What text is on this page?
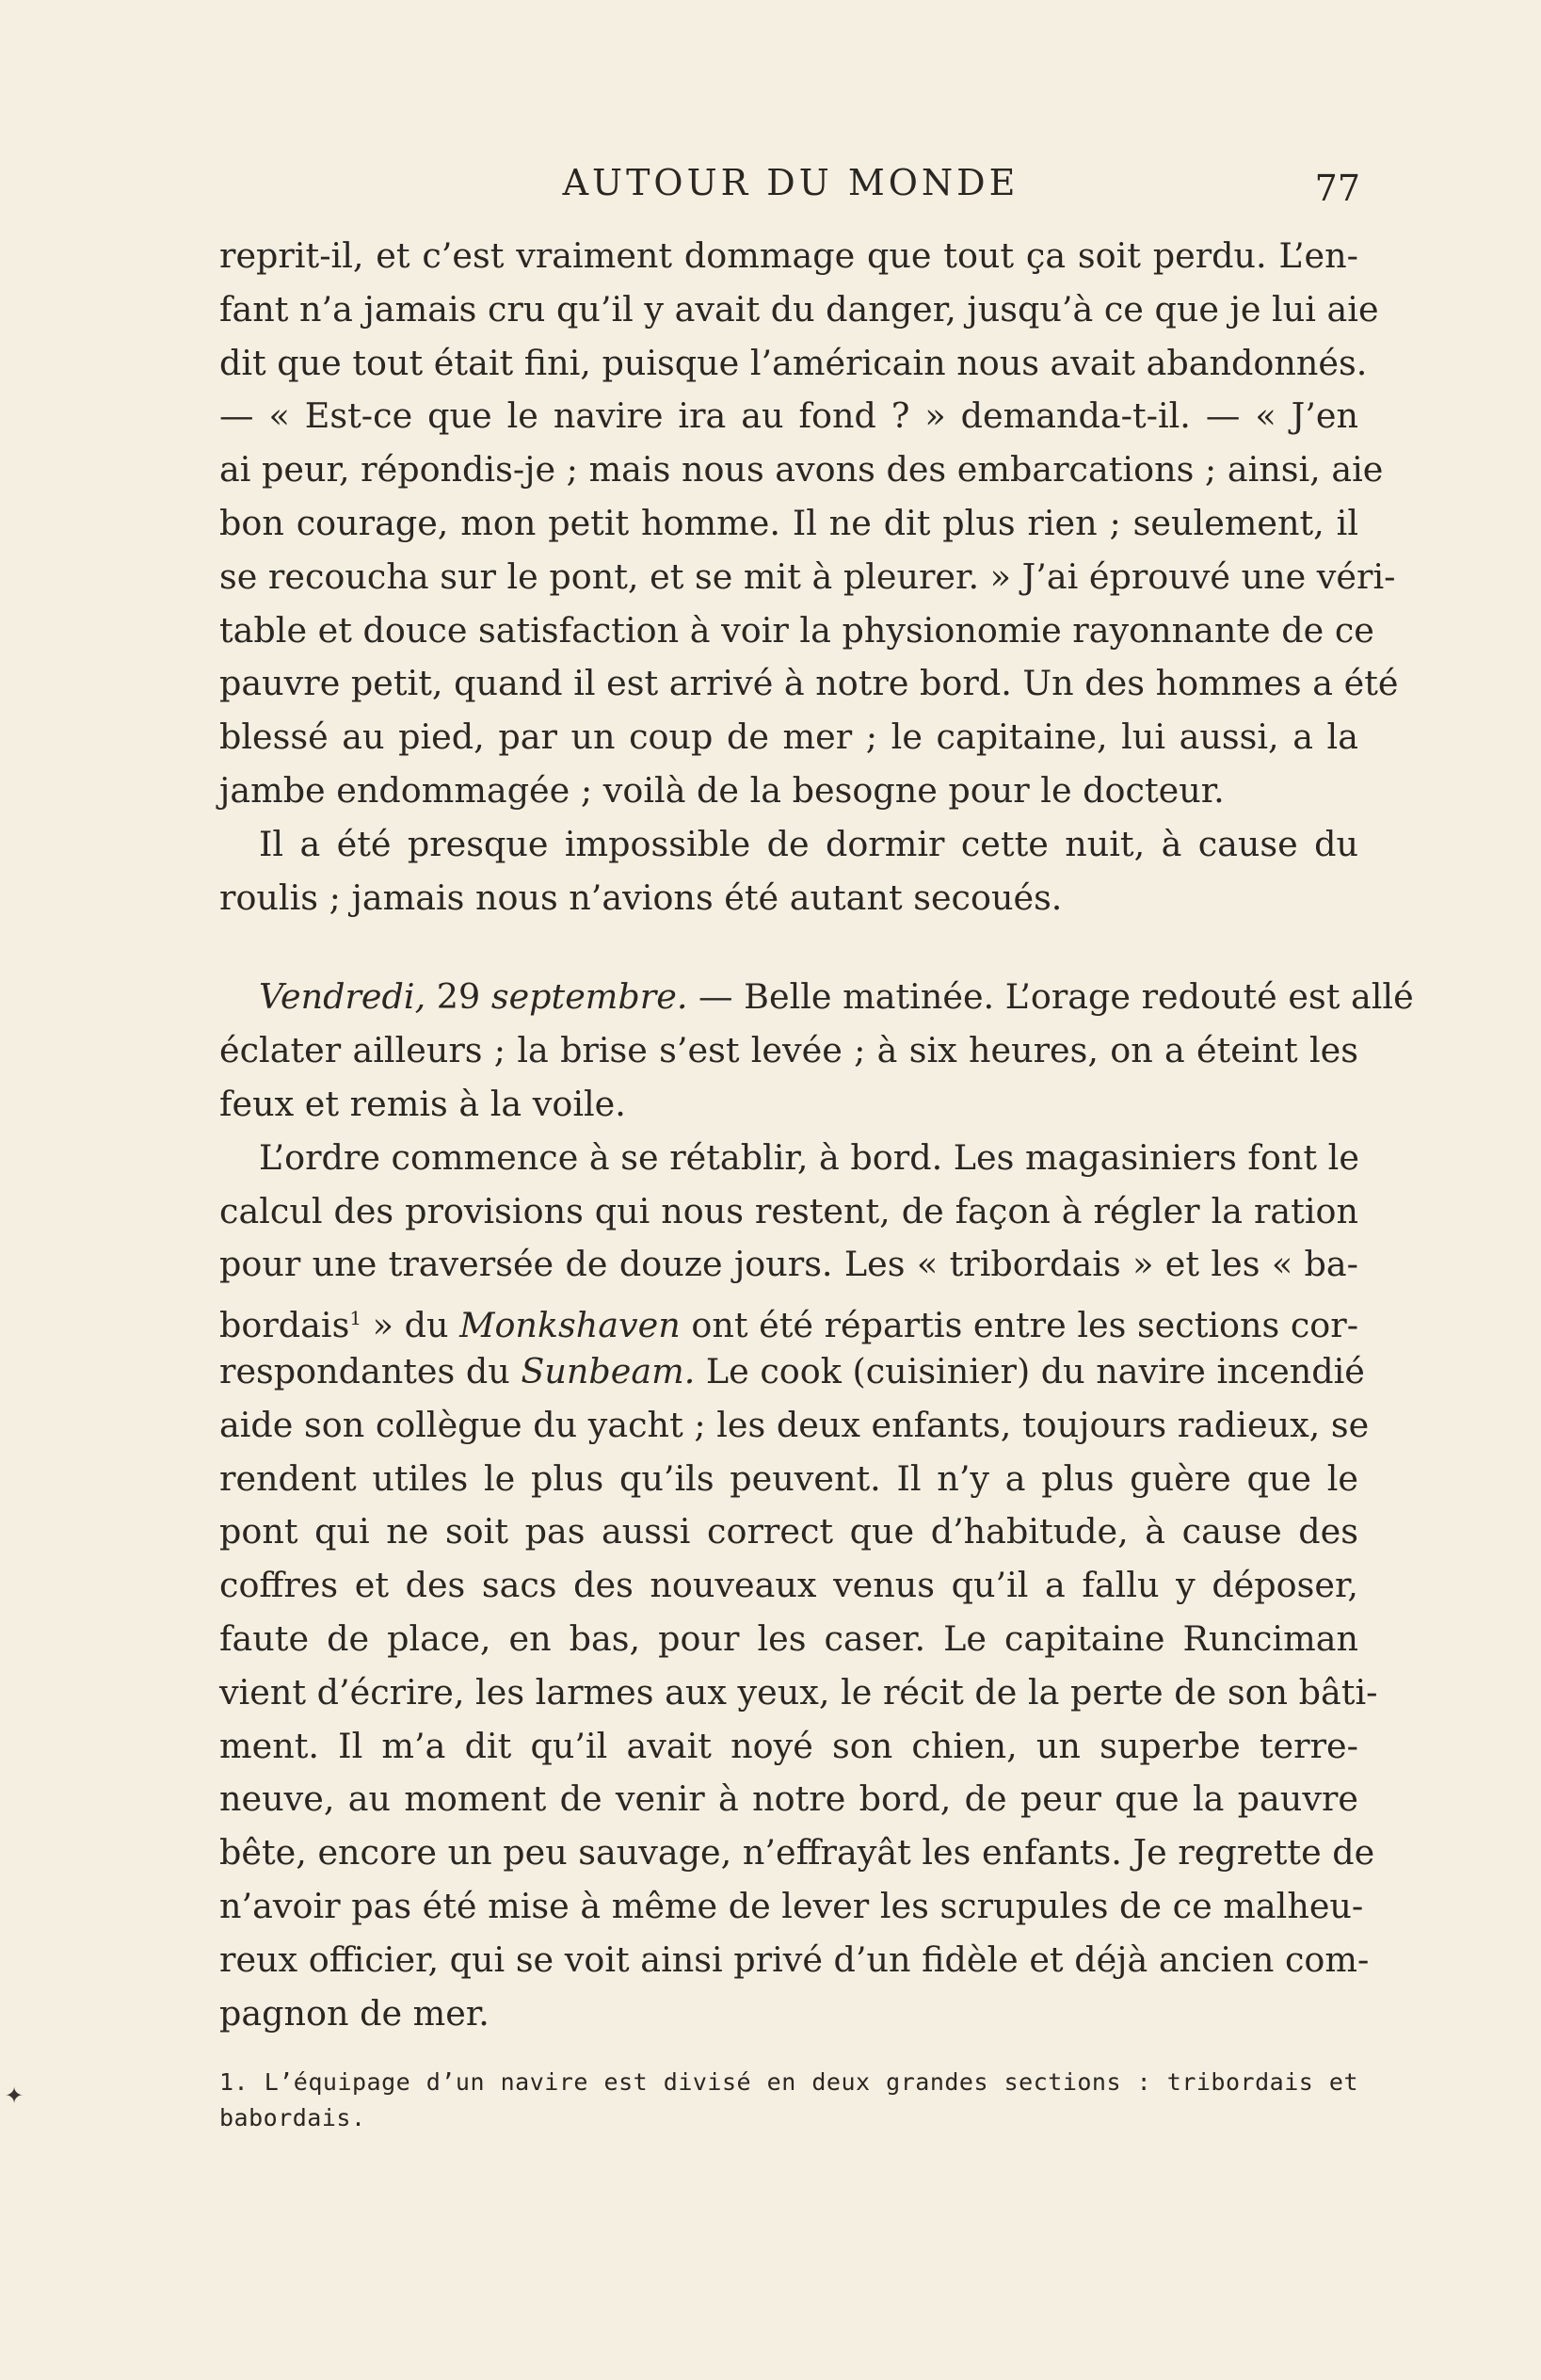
AUTOUR DU MONDE	77
reprit-il, et c’est vraiment dommage que tout ça soit perdu. L’en-
fant n’a jamais cru qu’il y avait du danger, jusqu’à ce que je lui aie
dit que tout était fini, puisque l’américain nous avait abandonnés.
— « Est-ce que le navire ira au fond ? » demanda-t-il. — « J’en
ai peur, répondis-je ; mais nous avons des embarcations ; ainsi, aie
bon courage, mon petit homme. Il ne dit plus rien ; seulement, il
se recoucha sur le pont, et se mit à pleurer. » J’ai éprouvé une véri-
table et douce satisfaction à voir la physionomie rayonnante de ce
pauvre petit, quand il est arrivé à notre bord. Un des hommes a été
blessé au pied, par un coup de mer ; le capitaine, lui aussi, a la
jambe endommagée ; voilà de la besogne pour le docteur.
Il a été presque impossible de dormir cette nuit, à cause du
roulis ; jamais nous n’avions été autant secoués.
Vendredi, 29 septembre. — Belle matinée. L’orage redouté est allé
éclater ailleurs ; la brise s’est levée ; à six heures, on a éteint les
feux et remis à la voile.
L’ordre commence à se rétablir, à bord. Les magasiniers font le
calcul des provisions qui nous restent, de façon à régler la ration
pour une traversée de douze jours. Les « tribordais » et les « ba-
bordais$^1$ » du Monkshaven ont été répartis entre les sections cor-
respondantes du Sunbeam. Le cook (cuisinier) du navire incendié
aide son collègue du yacht ; les deux enfants, toujours radieux, se
rendent utiles le plus qu’ils peuvent. Il n’y a plus guère que le
pont qui ne soit pas aussi correct que d’habitude, à cause des
coffres et des sacs des nouveaux venus qu’il a fallu y déposer,
faute de place, en bas, pour les caser. Le capitaine Runciman
vient d’écrire, les larmes aux yeux, le récit de la perte de son bâti-
ment. Il m’a dit qu’il avait noyé son chien, un superbe terre-
neuve, au moment de venir à notre bord, de peur que la pauvre
bête, encore un peu sauvage, n’effrayât les enfants. Je regrette de
n’avoir pas été mise à même de lever les scrupules de ce malheu-
reux officier, qui se voit ainsi privé d’un fidèle et déjà ancien com-
pagnon de mer.
✦	1. L’équipage d’un navire est divisé en deux grandes sections : tribordais et
babordais.
